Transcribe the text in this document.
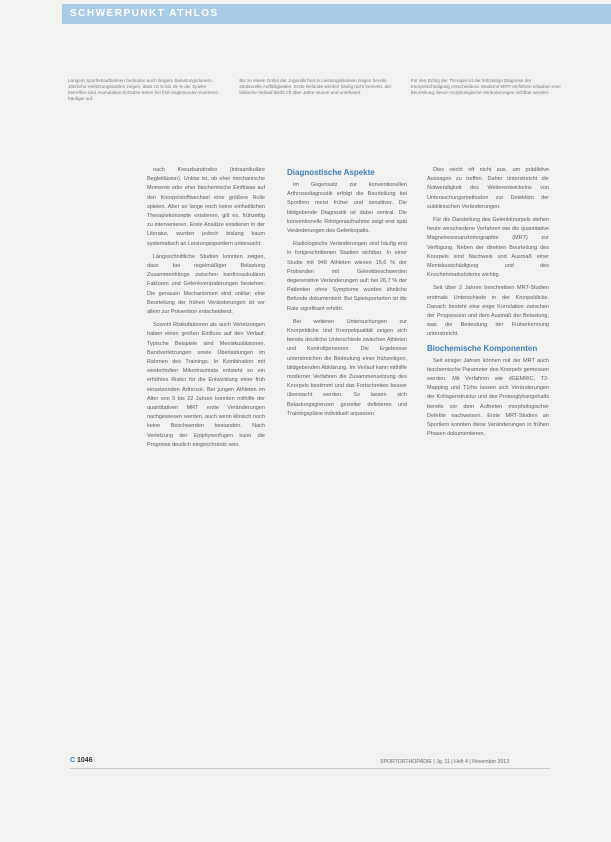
SCHWERPUNKT ATHLOS
Längere Sportlerlaufbahnen bedeuten auch längere Belastungsdauern. Jährliche Verletzungszahlen zeigen, dass 18 % bis 25 % der Spieler betroffen sind. Kumulative Schäden treten bei früh beginnenden Karrieren häufiger auf.
Bis zu einem Drittel der Jugendlichen in Leistungsklassen zeigen bereits strukturelle Auffälligkeiten. Erste Befunde werden häufig nicht bemerkt, der klinische Verlauf bleibt oft über Jahre stumm und unerkannt.
Für den Erfolg der Therapie ist die frühzeitige Diagnose der Knorpelschädigung entscheidend. Moderne MRT-Verfahren erlauben eine Beurteilung, bevor morphologische Veränderungen sichtbar werden.

nach Kreuzbandrisiko (intraartikuläre Begleitläsion). Unklar ist, ob eher mechanische Momente oder eher biochemische Einflüsse auf den Knorpelstoffwechsel eine größere Rolle spielen. Aber so lange noch keine einheitlichen Therapiekonzepte existieren, gilt es, frühzeitig zu intervenieren. Erste Ansätze existieren in der Literatur, wurden jedoch bislang kaum systematisch an Leistungssportlern untersucht.

Längsschnittliche Studien konnten zeigen, dass bei regelmäßiger Belastung Zusammenhänge zwischen kardiovaskulären Faktoren und Gelenkveränderungen bestehen. Die genauen Mechanismen sind unklar; eine Beurteilung der frühen Veränderungen ist vor allem zur Prävention entscheidend.

Sowohl Risikofaktoren als auch Verletzungen haben einen großen Einfluss auf den Verlauf. Typische Beispiele sind Meniskusläsionen, Bandverletzungen sowie Überlastungen im Rahmen des Trainings. In Kombination mit wiederholten Mikrotraumata entsteht so ein erhöhtes Risiko für die Entwicklung einer früh einsetzenden Arthrose. Bei jungen Athleten im Alter von 9 bis 22 Jahren konnten mithilfe der quantitativen MRT erste Veränderungen nachgewiesen werden, auch wenn klinisch noch keine Beschwerden bestanden. Nach Verletzung der Epiphysenfugen kann die Prognose deutlich eingeschränkt sein.

Diagnostische Aspekte

Im Gegensatz zur konventionellen Arthrosediagnostik erfolgt die Beurteilung bei Sportlern meist früher und sensitiver. Die bildgebende Diagnostik ist dabei zentral. Die konventionelle Röntgenaufnahme zeigt erst spät Veränderungen des Gelenkspalts.

Radiologische Veränderungen sind häufig erst in fortgeschrittenen Stadien sichtbar. In einer Studie mit 948 Athleten wiesen 15,6 % der Probanden mit Gelenkbeschwerden degenerative Veränderungen auf; bei 26,7 % der Patienten ohne Symptome wurden ähnliche Befunde dokumentiert. Bei Spielsportarten ist die Rate signifikant erhöht.

Bei weiteren Untersuchungen zur Knorpeldicke und Knorpelqualität zeigen sich bereits deutliche Unterschiede zwischen Athleten und Kontrollpersonen. Die Ergebnisse unterstreichen die Bedeutung einer frühzeitigen, bildgebenden Abklärung. Im Verlauf kann mithilfe moderner Verfahren die Zusammensetzung des Knorpels bestimmt und das Fortschreiten besser überwacht werden. So lassen sich Belastungsgrenzen gezielter definieren und Trainingspläne individuell anpassen.

Dies reicht oft nicht aus, um prädiktive Aussagen zu treffen. Daher unterstreicht die Notwendigkeit des Weiterentwickelns von Untersuchungsmethoden zur Detektion der subklinischen Veränderungen.

Für die Darstellung des Gelenkknorpels stehen heute verschiedene Verfahren wie die quantitative Magnetresonanztomographie (MRT) zur Verfügung. Neben der direkten Beurteilung des Knorpels sind Nachweis und Ausmaß einer Meniskusschädigung und des Knochenmarksödems wichtig.

Seit über 2 Jahren beschreiben MRT-Studien erstmals Unterschiede in der Knorpeldicke. Danach besteht eine enge Korrelation zwischen der Progression und dem Ausmaß der Belastung, was die Bedeutung der Früherkennung unterstreicht.

Biochemische Komponenten

Seit einiger Jahren können mit der MRT auch biochemische Parameter des Knorpels gemessen werden. Mit Verfahren wie dGEMRIC, T2-Mapping und T1rho lassen sich Veränderungen der Kollagenstruktur und des Proteoglykangehalts bereits vor dem Auftreten morphologischer Defekte nachweisen. Erste MRT-Studien an Sportlern konnten diese Veränderungen in frühen Phasen dokumentieren.

C 1046	SPORTORTHOPÄDIE | Jg. 11 | Heft 4 | November 2013
